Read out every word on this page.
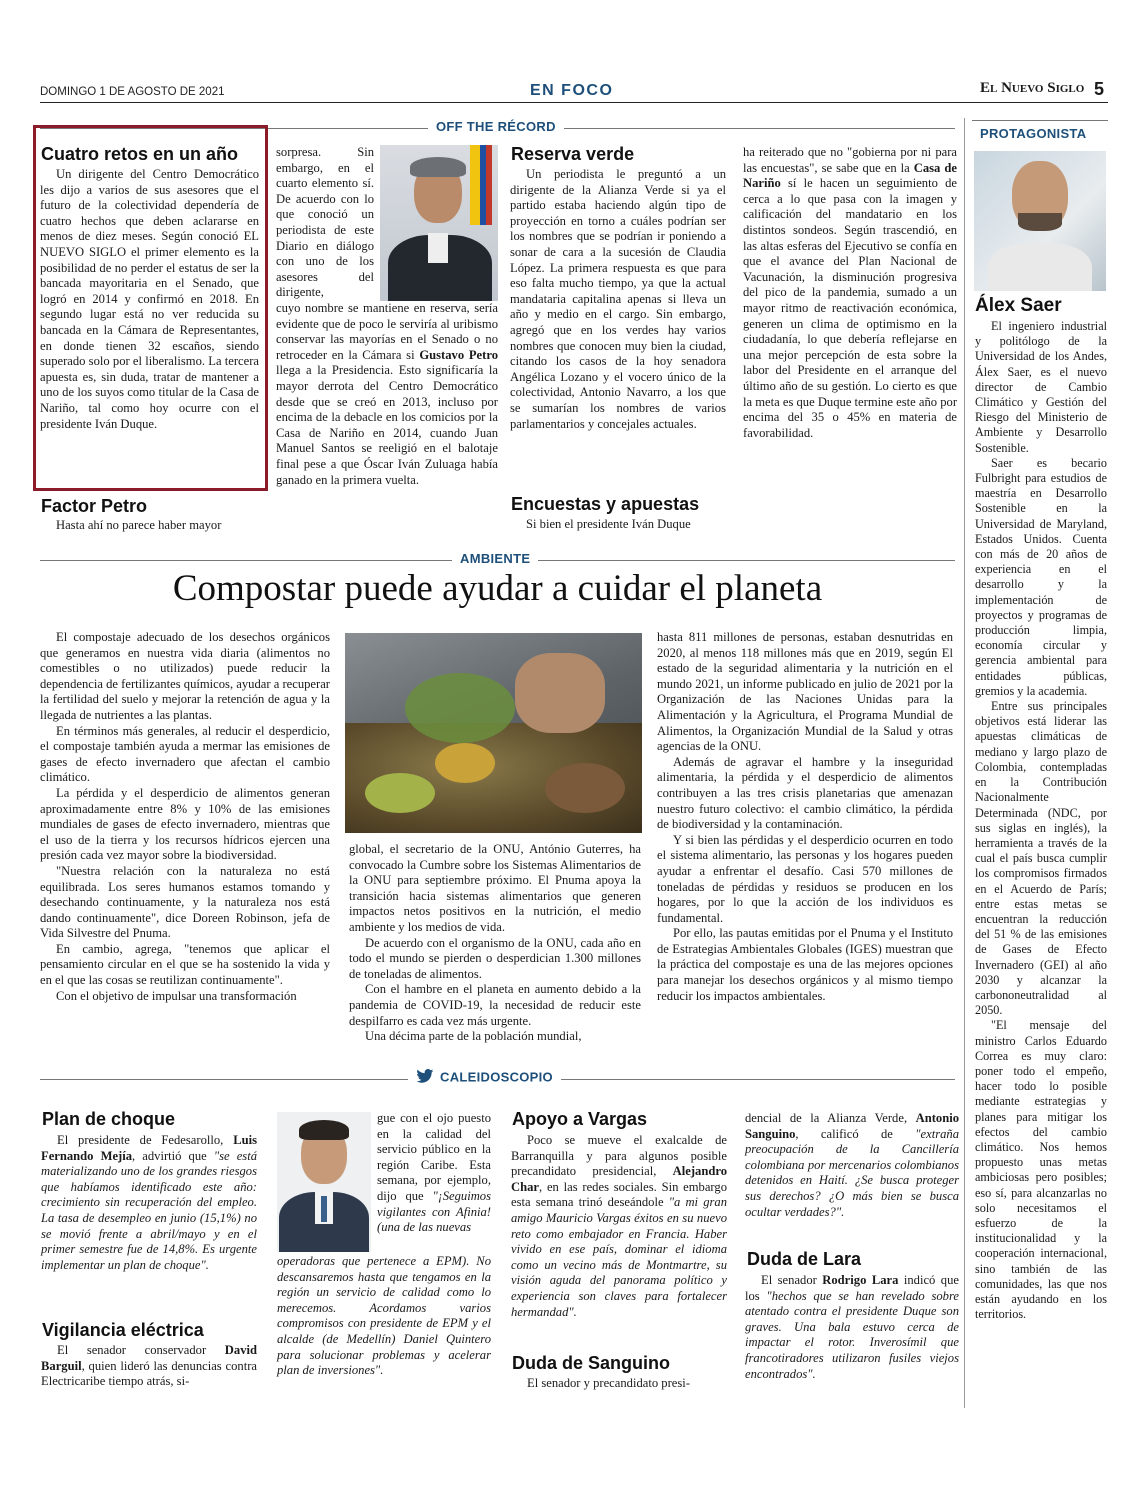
DOMINGO 1 DE AGOSTO DE 2021	EN FOCO	El Nuevo Siglo 5
OFF THE RÉCORD
Cuatro retos en un año

Un dirigente del Centro Democrático les dijo a varios de sus asesores que el futuro de la colectividad dependería de cuatro hechos que deben aclararse en menos de diez meses. Según conoció EL NUEVO SIGLO el primer elemento es la posibilidad de no perder el estatus de ser la bancada mayoritaria en el Senado, que logró en 2014 y confirmó en 2018. En segundo lugar está no ver reducida su bancada en la Cámara de Representantes, en donde tienen 32 escaños, siendo superado solo por el liberalismo. La tercera apuesta es, sin duda, tratar de mantener a uno de los suyos como titular de la Casa de Nariño, tal como hoy ocurre con el presidente Iván Duque.

Factor Petro

Hasta ahí no parece haber mayor

sorpresa. Sin embargo, en el cuarto elemento sí. De acuerdo con lo que conoció un periodista de este Diario en diálogo con uno de los asesores del dirigente,

cuyo nombre se mantiene en reserva, sería evidente que de poco le serviría al uribismo conservar las mayorías en el Senado o no retroceder en la Cámara si Gustavo Petro llega a la Presidencia. Esto significaría la mayor derrota del Centro Democrático desde que se creó en 2013, incluso por encima de la debacle en los comicios por la Casa de Nariño en 2014, cuando Juan Manuel Santos se reeligió en el balotaje final pese a que Óscar Iván Zuluaga había ganado en la primera vuelta.

Reserva verde

Un periodista le preguntó a un dirigente de la Alianza Verde si ya el partido estaba haciendo algún tipo de proyección en torno a cuáles podrían ser los nombres que se podrían ir poniendo a sonar de cara a la sucesión de Claudia López. La primera respuesta es que para eso falta mucho tiempo, ya que la actual mandataria capitalina apenas si lleva un año y medio en el cargo. Sin embargo, agregó que en los verdes hay varios nombres que conocen muy bien la ciudad, citando los casos de la hoy senadora Angélica Lozano y el vocero único de la colectividad, Antonio Navarro, a los que se sumarían los nombres de varios parlamentarios y concejales actuales.

Encuestas y apuestas

Si bien el presidente Iván Duque

ha reiterado que no "gobierna por ni para las encuestas", se sabe que en la Casa de Nariño sí le hacen un seguimiento de cerca a lo que pasa con la imagen y calificación del mandatario en los distintos sondeos. Según trascendió, en las altas esferas del Ejecutivo se confía en que el avance del Plan Nacional de Vacunación, la disminución progresiva del pico de la pandemia, sumado a un mayor ritmo de reactivación económica, generen un clima de optimismo en la ciudadanía, lo que debería reflejarse en una mejor percepción de esta sobre la labor del Presidente en el arranque del último año de su gestión. Lo cierto es que la meta es que Duque termine este año por encima del 35 o 45% en materia de favorabilidad.

PROTAGONISTA
Álex Saer

El ingeniero industrial y politólogo de la Universidad de los Andes, Álex Saer, es el nuevo director de Cambio Climático y Gestión del Riesgo del Ministerio de Ambiente y Desarrollo Sostenible.

Saer es becario Fulbright para estudios de maestría en Desarrollo Sostenible en la Universidad de Maryland, Estados Unidos. Cuenta con más de 20 años de experiencia en el desarrollo y la implementación de proyectos y programas de producción limpia, economía circular y gerencia ambiental para entidades públicas, gremios y la academia.

Entre sus principales objetivos está liderar las apuestas climáticas de mediano y largo plazo de Colombia, contempladas en la Contribución Nacionalmente Determinada (NDC, por sus siglas en inglés), la herramienta a través de la cual el país busca cumplir los compromisos firmados en el Acuerdo de París; entre estas metas se encuentran la reducción del 51 % de las emisiones de Gases de Efecto Invernadero (GEI) al año 2030 y alcanzar la carbononeutralidad al 2050.

"El mensaje del ministro Carlos Eduardo Correa es muy claro: poner todo el empeño, hacer todo lo posible mediante estrategias y planes para mitigar los efectos del cambio climático. Nos hemos propuesto unas metas ambiciosas pero posibles; eso sí, para alcanzarlas no solo necesitamos el esfuerzo de la institucionalidad y la cooperación internacional, sino también de las comunidades, las que nos están ayudando en los territorios.

AMBIENTE
Compostar puede ayudar a cuidar el planeta

El compostaje adecuado de los desechos orgánicos que generamos en nuestra vida diaria (alimentos no comestibles o no utilizados) puede reducir la dependencia de fertilizantes químicos, ayudar a recuperar la fertilidad del suelo y mejorar la retención de agua y la llegada de nutrientes a las plantas.

En términos más generales, al reducir el desperdicio, el compostaje también ayuda a mermar las emisiones de gases de efecto invernadero que afectan el cambio climático.

La pérdida y el desperdicio de alimentos generan aproximadamente entre 8% y 10% de las emisiones mundiales de gases de efecto invernadero, mientras que el uso de la tierra y los recursos hídricos ejercen una presión cada vez mayor sobre la biodiversidad.

"Nuestra relación con la naturaleza no está equilibrada. Los seres humanos estamos tomando y desechando continuamente, y la naturaleza nos está dando continuamente", dice Doreen Robinson, jefa de Vida Silvestre del Pnuma.

En cambio, agrega, "tenemos que aplicar el pensamiento circular en el que se ha sostenido la vida y en el que las cosas se reutilizan continuamente".

Con el objetivo de impulsar una transformación

global, el secretario de la ONU, António Guterres, ha convocado la Cumbre sobre los Sistemas Alimentarios de la ONU para septiembre próximo. El Pnuma apoya la transición hacia sistemas alimentarios que generen impactos netos positivos en la nutrición, el medio ambiente y los medios de vida.

De acuerdo con el organismo de la ONU, cada año en todo el mundo se pierden o desperdician 1.300 millones de toneladas de alimentos.

Con el hambre en el planeta en aumento debido a la pandemia de COVID-19, la necesidad de reducir este despilfarro es cada vez más urgente.

Una décima parte de la población mundial,

hasta 811 millones de personas, estaban desnutridas en 2020, al menos 118 millones más que en 2019, según El estado de la seguridad alimentaria y la nutrición en el mundo 2021, un informe publicado en julio de 2021 por la Organización de las Naciones Unidas para la Alimentación y la Agricultura, el Programa Mundial de Alimentos, la Organización Mundial de la Salud y otras agencias de la ONU.

Además de agravar el hambre y la inseguridad alimentaria, la pérdida y el desperdicio de alimentos contribuyen a las tres crisis planetarias que amenazan nuestro futuro colectivo: el cambio climático, la pérdida de biodiversidad y la contaminación.

Y si bien las pérdidas y el desperdicio ocurren en todo el sistema alimentario, las personas y los hogares pueden ayudar a enfrentar el desafío. Casi 570 millones de toneladas de pérdidas y residuos se producen en los hogares, por lo que la acción de los individuos es fundamental.

Por ello, las pautas emitidas por el Pnuma y el Instituto de Estrategias Ambientales Globales (IGES) muestran que la práctica del compostaje es una de las mejores opciones para manejar los desechos orgánicos y al mismo tiempo reducir los impactos ambientales.

CALEIDOSCOPIO
Plan de choque

El presidente de Fedesarollo, Luis Fernando Mejía, advirtió que "se está materializando uno de los grandes riesgos que habíamos identificado este año: crecimiento sin recuperación del empleo. La tasa de desempleo en junio (15,1%) no se movió frente a abril/mayo y en el primer semestre fue de 14,8%. Es urgente implementar un plan de choque".

Vigilancia eléctrica

El senador conservador David Barguil, quien lideró las denuncias contra Electricaribe tiempo atrás, si-

gue con el ojo puesto en la calidad del servicio público en la región Caribe. Esta semana, por ejemplo, dijo que "¡Seguimos vigilantes con Afinia! (una de las nuevas

operadoras que pertenece a EPM). No descansaremos hasta que tengamos en la región un servicio de calidad como lo merecemos. Acordamos varios compromisos con presidente de EPM y el alcalde (de Medellín) Daniel Quintero para solucionar problemas y acelerar plan de inversiones".

Apoyo a Vargas

Poco se mueve el exalcalde de Barranquilla y para algunos posible precandidato presidencial, Alejandro Char, en las redes sociales. Sin embargo esta semana trinó deseándole "a mi gran amigo Mauricio Vargas éxitos en su nuevo reto como embajador en Francia. Haber vivido en ese país, dominar el idioma como un vecino más de Montmartre, su visión aguda del panorama político y experiencia son claves para fortalecer hermandad".

Duda de Sanguino

El senador y precandidato presi-

dencial de la Alianza Verde, Antonio Sanguino, calificó de "extraña preocupación de la Cancillería colombiana por mercenarios colombianos detenidos en Haití. ¿Se busca proteger sus derechos? ¿O más bien se busca ocultar verdades?".

Duda de Lara

El senador Rodrigo Lara indicó que los "hechos que se han revelado sobre atentado contra el presidente Duque son graves. Una bala estuvo cerca de impactar el rotor. Inverosímil que francotiradores utilizaron fusiles viejos encontrados".
